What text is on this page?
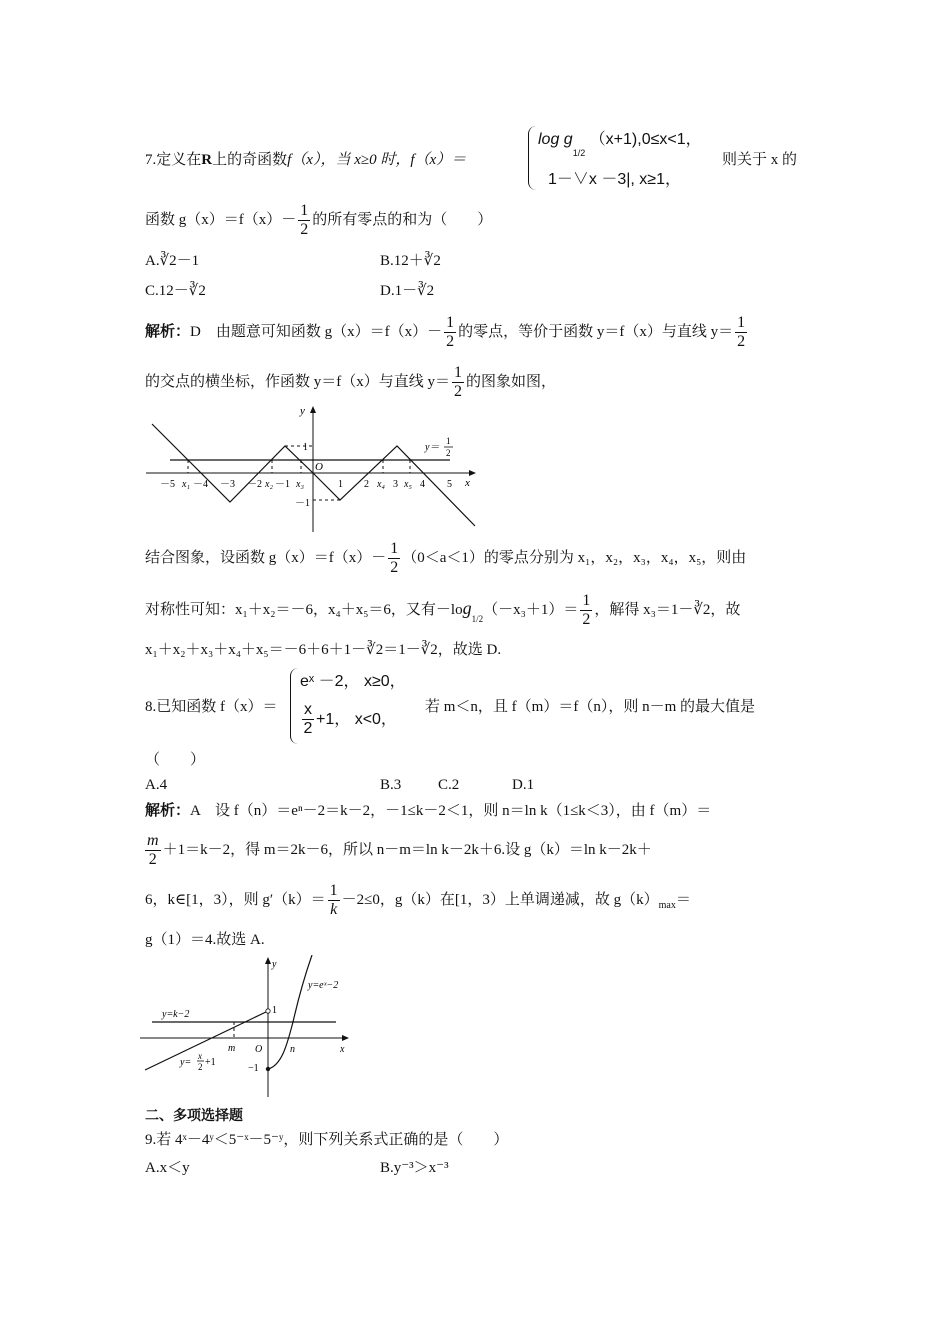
$\log g_{1/2}$ （x+1),0≤x<1，
1－∨x －3|, x≥1，
7.定义在R上的奇函数f（x），当 x≥0 时，f（x）＝	则关于 x 的
函数 $g(x)=f(x)- \frac{1}{2}$ 的所有零点的和为（　　）
A.∛2－1	B.12＋∛2
C.12－∛2	D.1－∛2
解析：D　 由题意可知函数 $g(x)=f(x)- \frac{1}{2}$ 的零点，等价于函数 y＝f（x）与直线 $y= \frac{1}{2}$
的交点的横坐标，作函数 y＝f（x）与直线 $y= \frac{1}{2}$ 的图象如图，
y
x
O
1
－1
y＝
1
2
－5 x₁ －4 －3 －2 x₂ －1 x₃	1 2 x₄ 3 x₅ 4 5
结合图象，设函数 $g(x)=f(x)- \frac{1}{2} (0<a<1)$的零点分别为 x₁，x₂，x₃，x₄，x₅，则由
对称性可知：x₁＋x₂＝－6，x₄＋x₅＝6，又有$-\log_{1/2}(-x_3+1)= \frac{1}{2}$ ，解得 x₃＝1－∛2，故
x₁＋x₂＋x₃＋x₄＋x₅＝－6＋6＋1－∛2＝1－∛2，故选 D.
eˣ －2， x≥0，
$\frac{x}{2} +1$， x<0，
8.已知函数 f（x）＝	若 m＜n，且 f（m）＝f（n），则 n－m 的最大值是
（　　）
A.4	B.3 C.2	D.1
解析：A　 设 f（n）＝eⁿ－2＝k－2，－1≤k－2＜1，则 n＝ln k（1≤k＜3），由 f（m）＝
$\frac{m}{2} +1=k-2$，得 m＝2k－6，所以 n－m＝ln k－2k＋6.设 g（k）＝ln k－2k＋
6，k∈[1，3），则 $g'(k)= \frac{1}{k} -2\le 0$，g（k）在[1，3）上单调递减，故 $g(k)_{max}=$
g（1）＝4.故选 A.
y
x
O
1
−1
m	n
y=eˣ−2
y=k−2
y=
x
2 +1
二、多项选择题
9.若 4ˣ－4ʸ＜5⁻ˣ－5⁻ʸ，则下列关系式正确的是（　　）
A.x＜y	B.y⁻³＞x⁻³
